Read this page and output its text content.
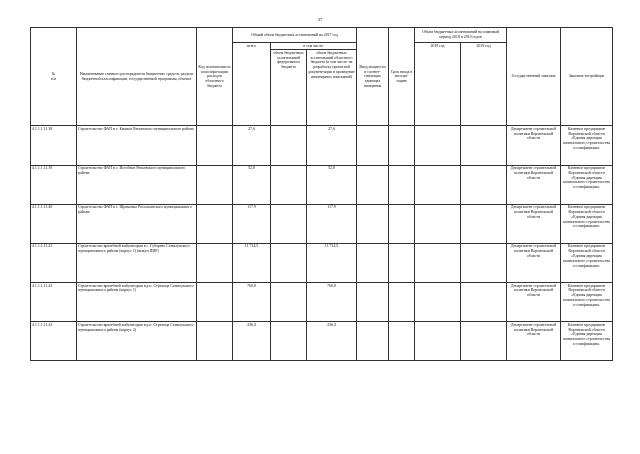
37
№
п/п	Наименование главного распорядителя бюджетных средств, раздела бюджетной классификации, государственной программы, объекта	Код полномочия по классифи-кации расходов областного бюджета	Общий объем бюджетных ассигнований на 2017 год			Ввод мощности в соответ-ствующих единицах измерения	Срок ввода в эксплуа-тацию	Объем бюджетных ассигнований на плановый период 2018 и 2019 годов		Государственный заказчик	Заказчик-застройщик
			всего	в том числе:				2018 год	2019 год		
				объем бюджетных ассигнований федерального бюджета	объем бюджетных ассигнований областного бюджета (в том числе: на разработку проектной документации и проведение инженерных изысканий)						
4.1.1.1.11.38	Строительство ФАП в с. Княжое Рамонского муниципального района		27,6		27,6					Департамент строительной политики Воронежской области	Казенное предприятие Воронежской области «Единая дирекция капитального строительства и газификации»
4.1.1.1.11.39	Строительство ФАП в с. Истобное Репьевского муниципального района		52,8		52,8					Департамент строительной политики Воронежской области	Казенное предприятие Воронежской области «Единая дирекция капитального строительства и газификации»
4.1.1.1.11.40	Строительство ФАП в с. Шрамовка Россошанского муниципального района		117,9		117,9					Департамент строительной политики Воронежской области	Казенное предприятие Воронежской области «Единая дирекция капитального строительства и газификации»
4.1.1.1.11.41	Строительство врачебной амбулатории в с. Губарево Семилукского муниципального района (корпус 1) (выкуп ПИР)		11 714,5		11 714,5					Департамент строительной политики Воронежской области	Казенное предприятие Воронежской области «Единая дирекция капитального строительства и газификации»
4.1.1.1.11.42	Строительство врачебной амбулатории в р.п. Стрелица Семилукского муниципального района (корпус 1)		760,8		760,8					Департамент строительной политики Воронежской области	Казенное предприятие Воронежской области «Единая дирекция капитального строительства и газификации»
4.1.1.1.11.43	Строительство врачебной амбулатории в р.п. Стрелица Семилукского муниципального района (корпус 2)		236,4		236,4					Департамент строительной политики Воронежской области	Казенное предприятие Воронежской области «Единая дирекция капитального строительства и газификации»
